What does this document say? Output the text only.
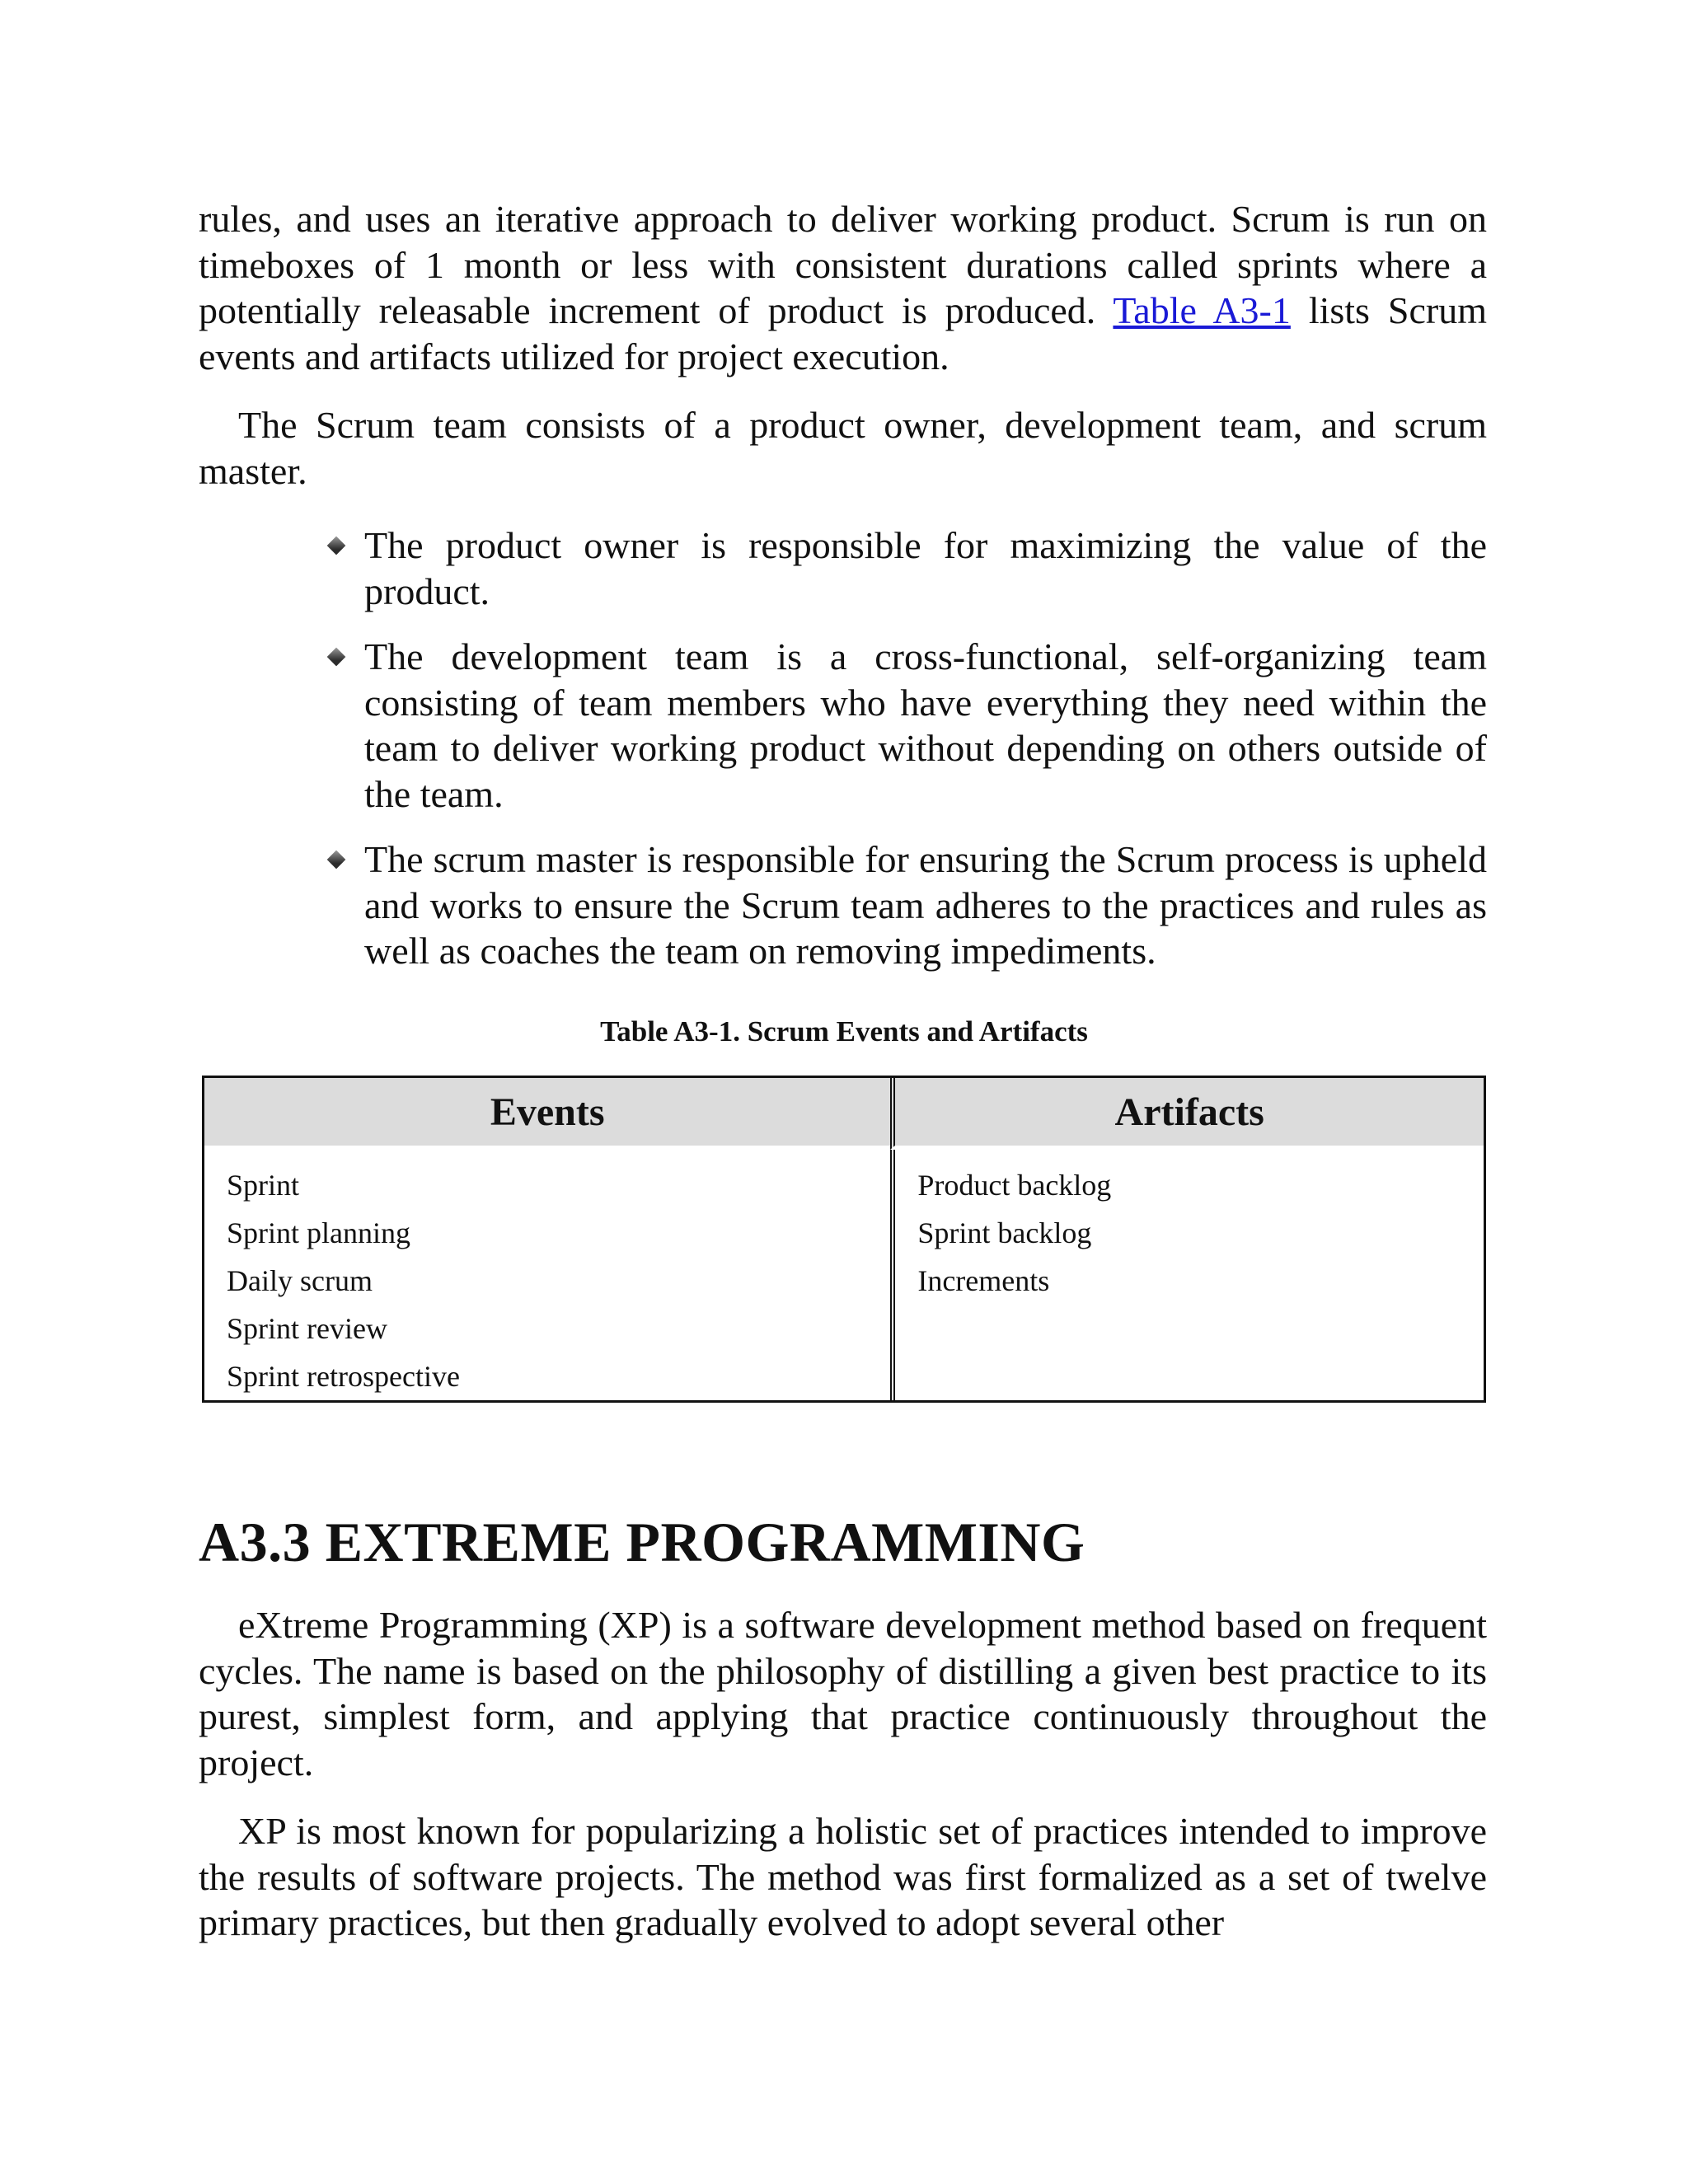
rules, and uses an iterative approach to deliver working product. Scrum is run on timeboxes of 1 month or less with consistent durations called sprints where a potentially releasable increment of product is produced. Table A3-1 lists Scrum events and artifacts utilized for project execution.

The Scrum team consists of a product owner, development team, and scrum master.

The product owner is responsible for maximizing the value of the product.
The development team is a cross-functional, self-organizing team consisting of team members who have everything they need within the team to deliver working product without depending on others outside of the team.
The scrum master is responsible for ensuring the Scrum process is upheld and works to ensure the Scrum team adheres to the practices and rules as well as coaches the team on removing impediments.
Table A3-1. Scrum Events and Artifacts
Events	Artifacts
Sprint	Product backlog
Sprint planning	Sprint backlog
Daily scrum	Increments
Sprint review	
Sprint retrospective	
A3.3 EXTREME PROGRAMMING

eXtreme Programming (XP) is a software development method based on frequent cycles. The name is based on the philosophy of distilling a given best practice to its purest, simplest form, and applying that practice continuously throughout the project.

XP is most known for popularizing a holistic set of practices intended to improve the results of software projects. The method was first formalized as a set of twelve primary practices, but then gradually evolved to adopt several other
